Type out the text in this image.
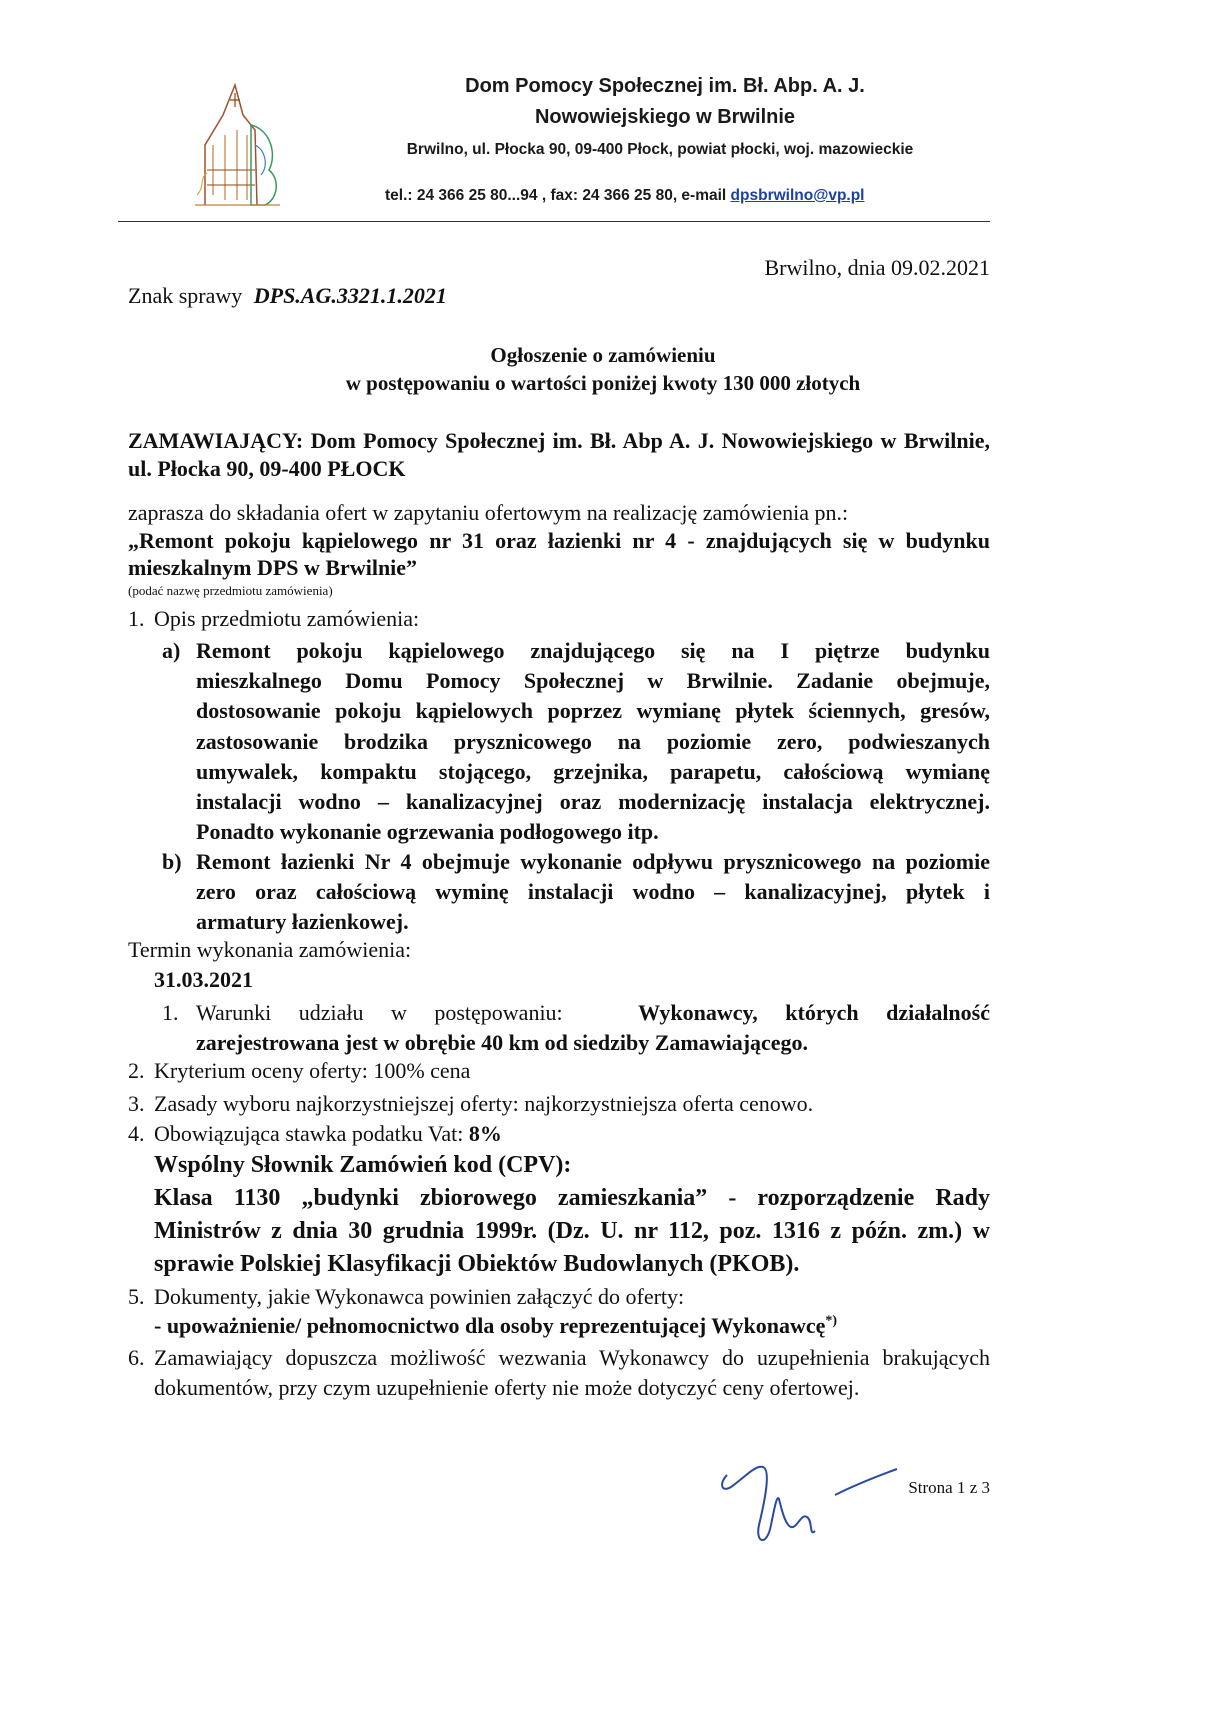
Dom Pomocy Społecznej im. Bł. Abp. A. J.
Nowowiejskiego w Brwilnie
Brwilno, ul. Płocka 90, 09-400 Płock, powiat płocki, woj. mazowieckie
tel.: 24 366 25 80...94 , fax: 24 366 25 80, e-mail dpsbrwilno@vp.pl
Brwilno, dnia 09.02.2021
Znak sprawy DPS.AG.3321.1.2021
Ogłoszenie o zamówieniu
w postępowaniu o wartości poniżej kwoty 130 000 złotych
ZAMAWIAJĄCY: Dom Pomocy Społecznej im. Bł. Abp A. J. Nowowiejskiego w Brwilnie,
ul. Płocka 90, 09-400 PŁOCK
zaprasza do składania ofert w zapytaniu ofertowym na realizację zamówienia pn.:
„Remont pokoju kąpielowego nr 31 oraz łazienki nr 4 - znajdujących się w budynku
mieszkalnym DPS w Brwilnie”
(podać nazwę przedmiotu zamówienia)
1. Opis przedmiotu zamówienia:
a) Remont pokoju kąpielowego znajdującego się na I piętrze budynku
mieszkalnego Domu Pomocy Społecznej w Brwilnie. Zadanie obejmuje,
dostosowanie pokoju kąpielowych poprzez wymianę płytek ściennych, gresów,
zastosowanie brodzika prysznicowego na poziomie zero, podwieszanych
umywalek, kompaktu stojącego, grzejnika, parapetu, całościową wymianę
instalacji wodno – kanalizacyjnej oraz modernizację instalacja elektrycznej.
Ponadto wykonanie ogrzewania podłogowego itp.
b) Remont łazienki Nr 4 obejmuje wykonanie odpływu prysznicowego na poziomie
zero oraz całościową wyminę instalacji wodno – kanalizacyjnej, płytek i
armatury łazienkowej.
Termin wykonania zamówienia:
31.03.2021
1. Warunki udziału w postępowaniu:	Wykonawcy, których działalność
zarejestrowana jest w obrębie 40 km od siedziby Zamawiającego.
2. Kryterium oceny oferty: 100% cena
3. Zasady wyboru najkorzystniejszej oferty: najkorzystniejsza oferta cenowo.
4. Obowiązująca stawka podatku Vat: 8%
Wspólny Słownik Zamówień kod (CPV):
Klasa 1130 „budynki zbiorowego zamieszkania” - rozporządzenie Rady
Ministrów z dnia 30 grudnia 1999r. (Dz. U. nr 112, poz. 1316 z późn. zm.) w
sprawie Polskiej Klasyfikacji Obiektów Budowlanych (PKOB).
5. Dokumenty, jakie Wykonawca powinien załączyć do oferty:
- upoważnienie/ pełnomocnictwo dla osoby reprezentującej Wykonawcę*)
6. Zamawiający dopuszcza możliwość wezwania Wykonawcy do uzupełnienia brakujących
dokumentów, przy czym uzupełnienie oferty nie może dotyczyć ceny ofertowej.
Strona 1 z 3
